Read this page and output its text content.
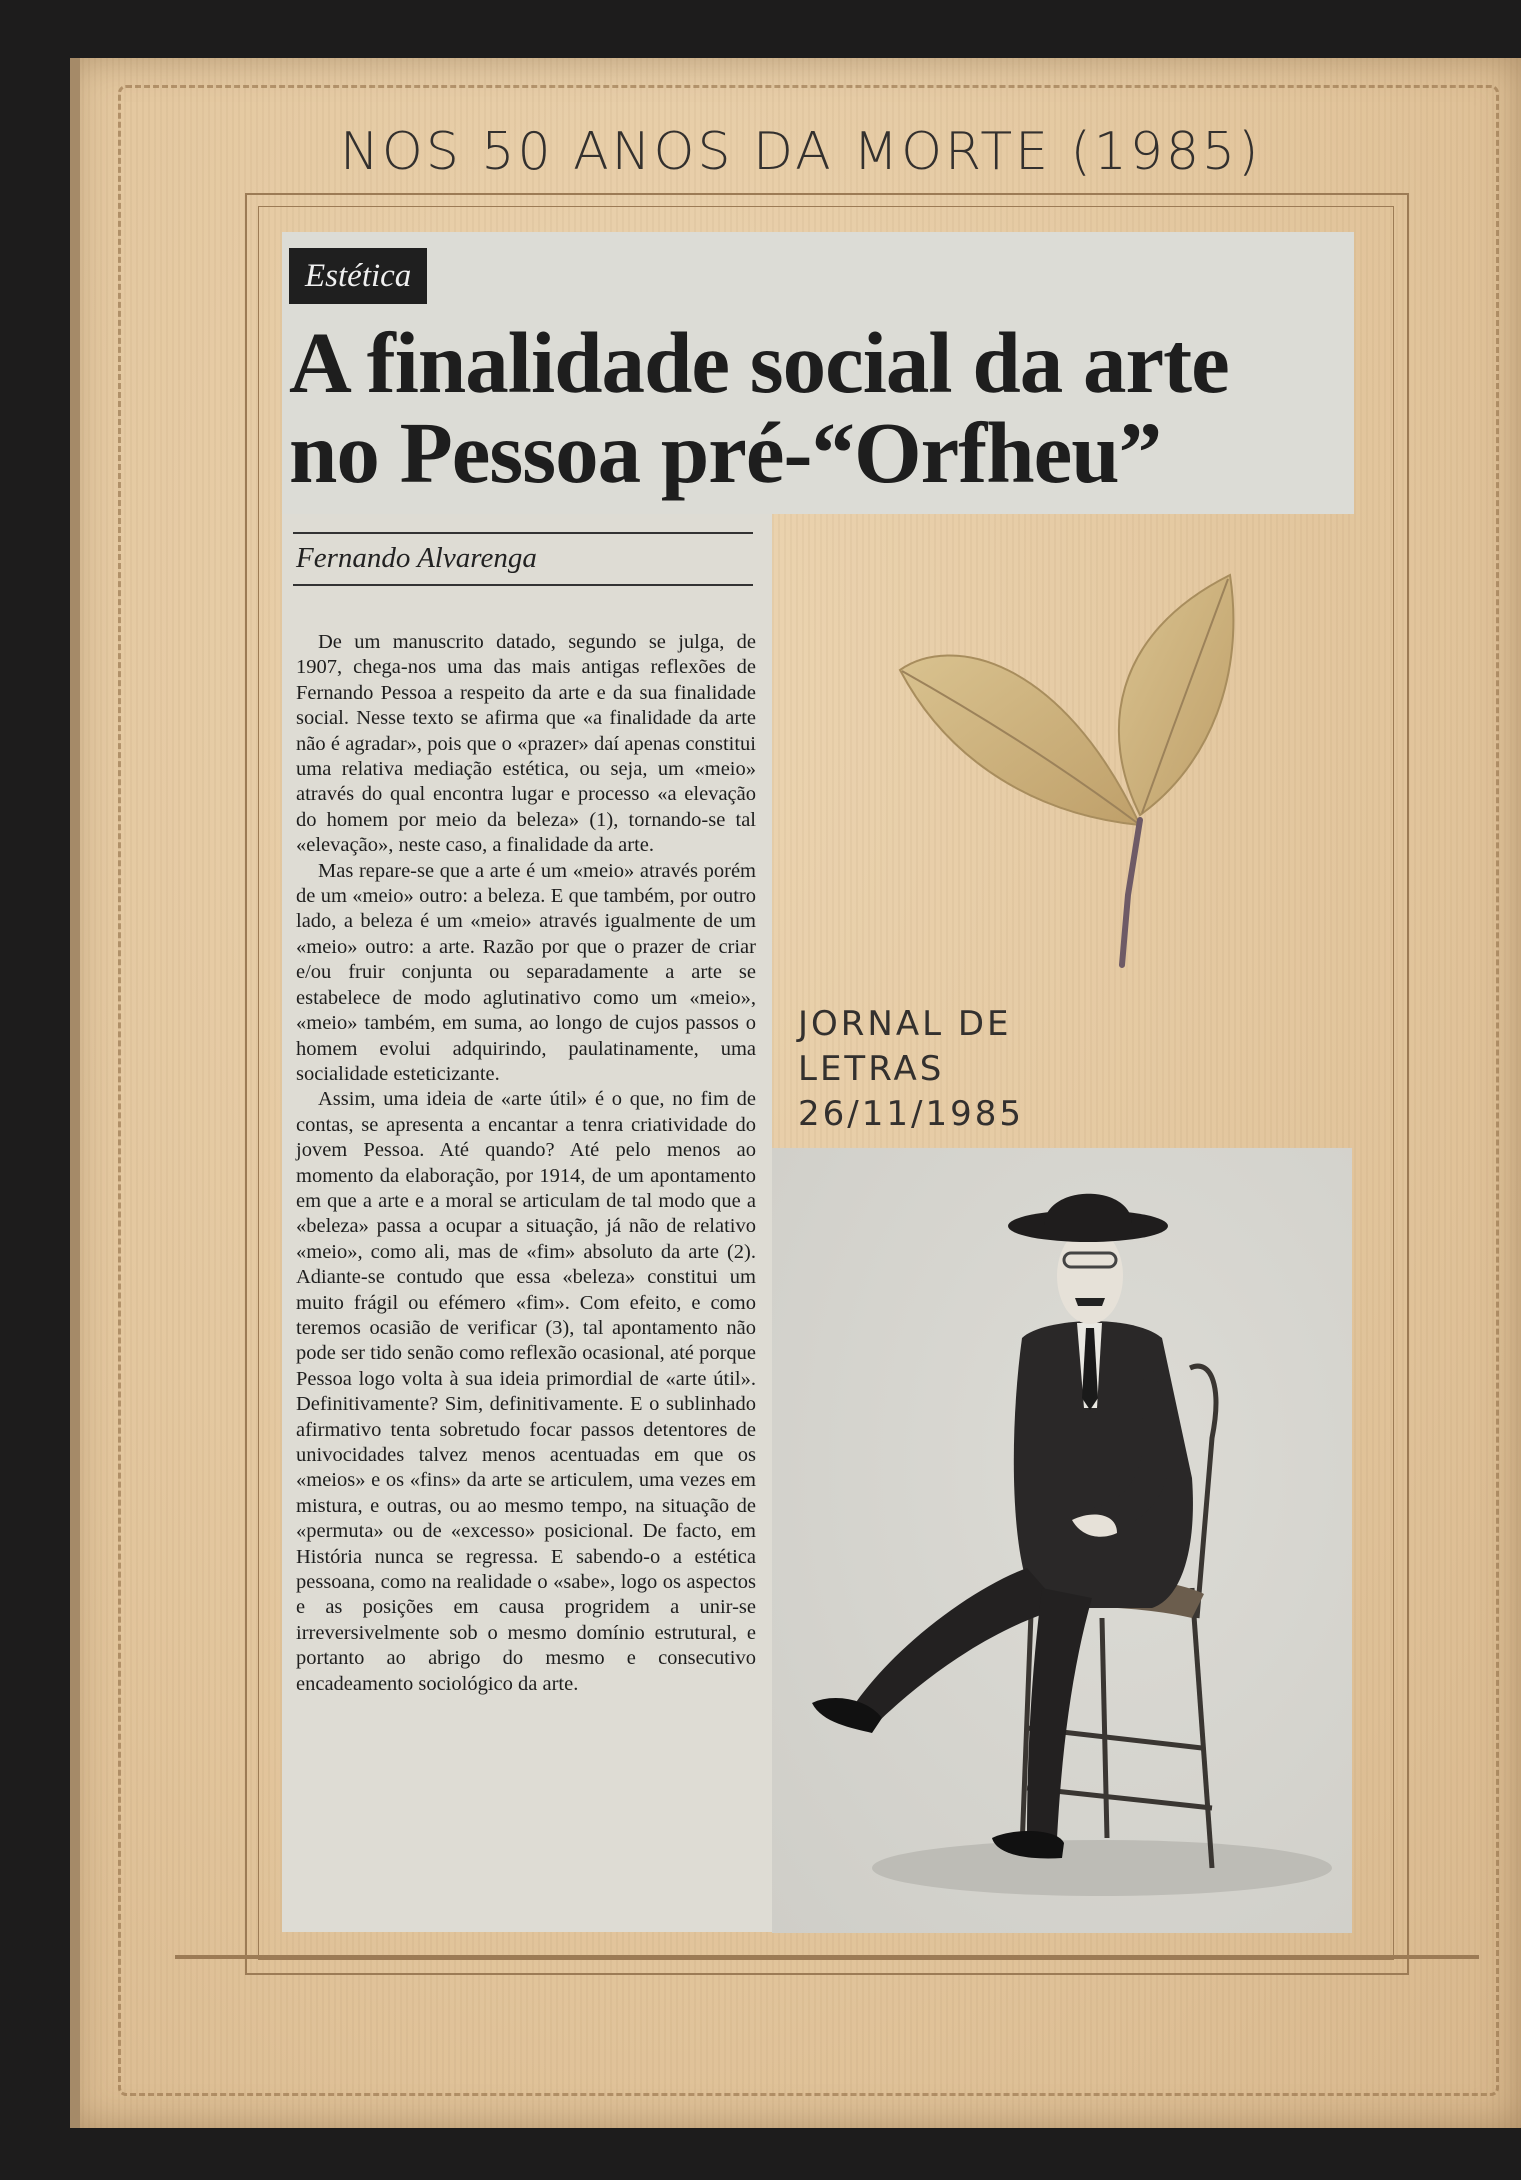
NOS 50 ANOS DA MORTE (1985)
Estética
A finalidade social da arte
no Pessoa pré-“Orfheu”
Fernando Alvarenga

De um manuscrito datado, segundo se julga, de 1907, chega-nos uma das mais antigas reflexões de Fernando Pessoa a respeito da arte e da sua finalidade social. Nesse texto se afirma que «a finalidade da arte não é agradar», pois que o «prazer» daí apenas constitui uma relativa mediação estética, ou seja, um «meio» através do qual encontra lugar e processo «a elevação do homem por meio da beleza» (1), tornando-se tal «elevação», neste caso, a finalidade da arte.

Mas repare-se que a arte é um «meio» através porém de um «meio» outro: a beleza. E que também, por outro lado, a beleza é um «meio» através igualmente de um «meio» outro: a arte. Razão por que o prazer de criar e/ou fruir conjunta ou separadamente a arte se estabelece de modo aglutinativo como um «meio», «meio» também, em suma, ao longo de cujos passos o homem evolui adquirindo, paulatinamente, uma socialidade esteticizante.

Assim, uma ideia de «arte útil» é o que, no fim de contas, se apresenta a encantar a tenra criatividade do jovem Pessoa. Até quando? Até pelo menos ao momento da elaboração, por 1914, de um apontamento em que a arte e a moral se articulam de tal modo que a «beleza» passa a ocupar a situação, já não de relativo «meio», como ali, mas de «fim» absoluto da arte (2). Adiante-se contudo que essa «beleza» constitui um muito frágil ou efémero «fim». Com efeito, e como teremos ocasião de verificar (3), tal apontamento não pode ser tido senão como reflexão ocasional, até porque Pessoa logo volta à sua ideia primordial de «arte útil». Definitivamente? Sim, definitivamente. E o sublinhado afirmativo tenta sobretudo focar passos detentores de univocidades talvez menos acentuadas em que os «meios» e os «fins» da arte se articulem, uma vezes em mistura, e outras, ou ao mesmo tempo, na situação de «permuta» ou de «excesso» posicional. De facto, em História nunca se regressa. E sabendo-o a estética pessoana, como na realidade o «sabe», logo os aspectos e as posições em causa progridem a unir-se irreversivelmente sob o mesmo domínio estrutural, e portanto ao abrigo do mesmo e consecutivo encadeamento sociológico da arte.

JORNAL DE
LETRAS
26/11/1985
